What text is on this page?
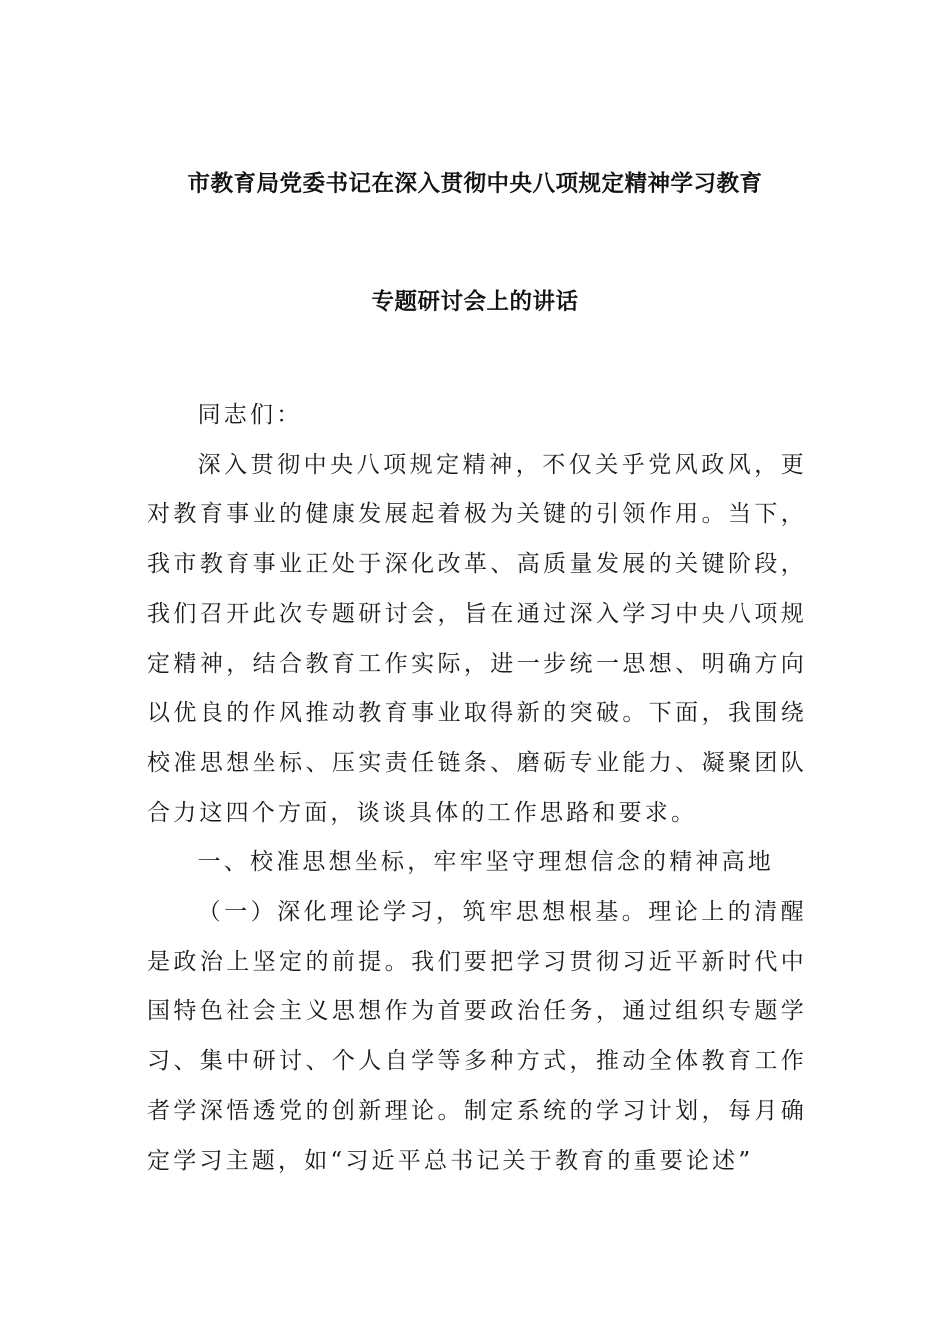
市教育局党委书记在深入贯彻中央八项规定精神学习教育
专题研讨会上的讲话

同志们：

深入贯彻中央八项规定精神，不仅关乎党风政风，更对教育事业的健康发展起着极为关键的引领作用。当下，我市教育事业正处于深化改革、高质量发展的关键阶段，我们召开此次专题研讨会，旨在通过深入学习中央八项规定精神，结合教育工作实际，进一步统一思想、明确方向以优良的作风推动教育事业取得新的突破。下面，我围绕校准思想坐标、压实责任链条、磨砺专业能力、凝聚团队合力这四个方面，谈谈具体的工作思路和要求。

一、校准思想坐标，牢牢坚守理想信念的精神高地

（一）深化理论学习，筑牢思想根基。理论上的清醒是政治上坚定的前提。我们要把学习贯彻习近平新时代中国特色社会主义思想作为首要政治任务，通过组织专题学习、集中研讨、个人自学等多种方式，推动全体教育工作者学深悟透党的创新理论。制定系统的学习计划，每月确定学习主题，如“习近平总书记关于教育的重要论述”
